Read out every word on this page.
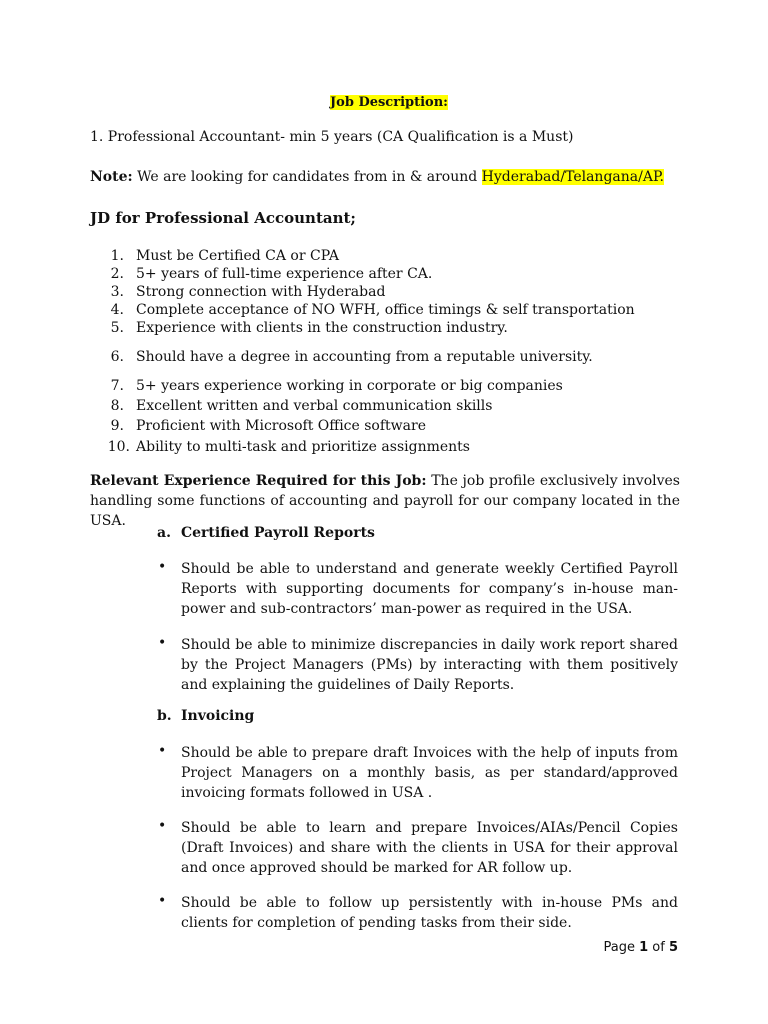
Job Description:
1. Professional Accountant- min 5 years (CA Qualification is a Must)
Note: We are looking for candidates from in & around Hyderabad/Telangana/AP.
JD for Professional Accountant;
1. Must be Certified CA or CPA
2. 5+ years of full-time experience after CA.
3. Strong connection with Hyderabad
4. Complete acceptance of NO WFH, office timings & self transportation
5. Experience with clients in the construction industry.
6. Should have a degree in accounting from a reputable university.
7. 5+ years experience working in corporate or big companies
8. Excellent written and verbal communication skills
9. Proficient with Microsoft Office software
10. Ability to multi-task and prioritize assignments
Relevant Experience Required for this Job: The job profile exclusively involves handling some functions of accounting and payroll for our company located in the USA.
a. Certified Payroll Reports
• Should be able to understand and generate weekly Certified Payroll Reports with supporting documents for company’s in-house man-power and sub-contractors’ man-power as required in the USA.
• Should be able to minimize discrepancies in daily work report shared by the Project Managers (PMs) by interacting with them positively and explaining the guidelines of Daily Reports.
b. Invoicing
• Should be able to prepare draft Invoices with the help of inputs from Project Managers on a monthly basis, as per standard/approved invoicing formats followed in USA .
• Should be able to learn and prepare Invoices/AIAs/Pencil Copies (Draft Invoices) and share with the clients in USA for their approval and once approved should be marked for AR follow up.
• Should be able to follow up persistently with in-house PMs and clients for completion of pending tasks from their side.
Page 1 of 5
